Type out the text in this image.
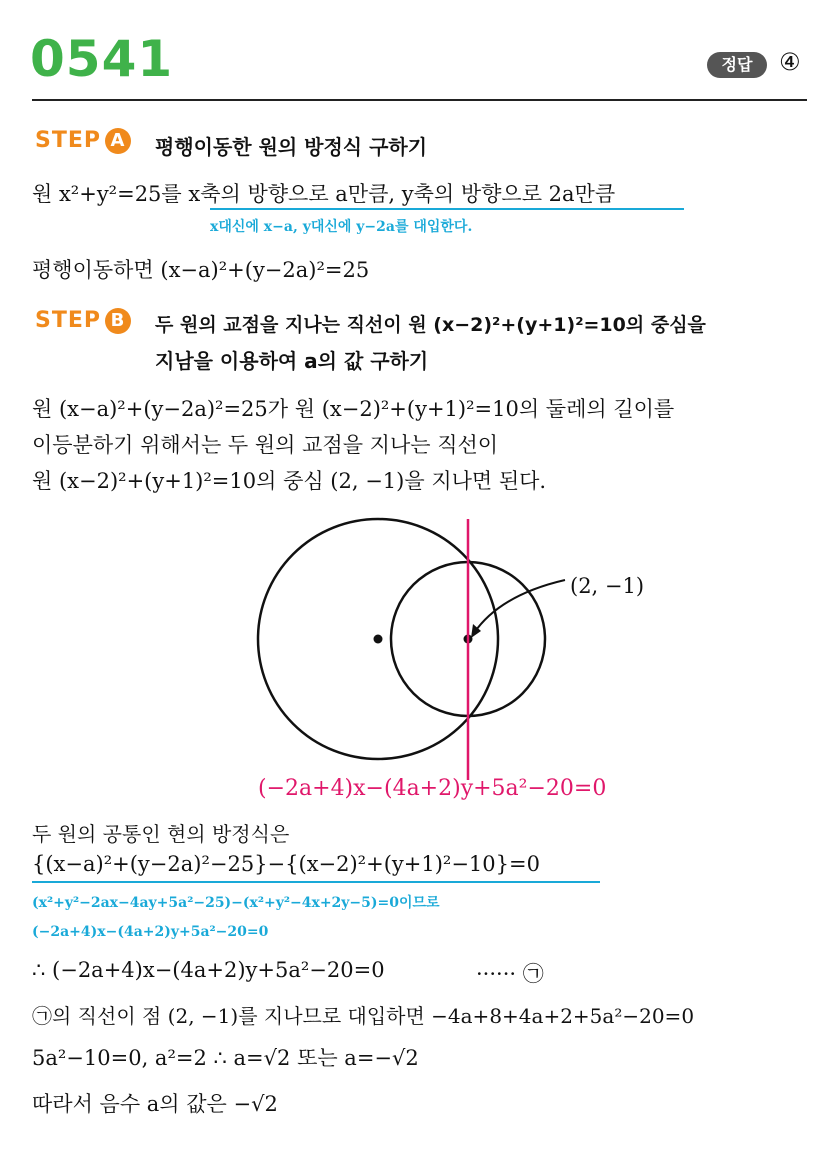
0541	정답	④
STEP A 평행이동한 원의 방정식 구하기
원 x²+y²=25를 x축의 방향으로 a만큼, y축의 방향으로 2a만큼
x대신에 x−a, y대신에 y−2a를 대입한다.
평행이동하면 (x−a)²+(y−2a)²=25
STEP B 두 원의 교점을 지나는 직선이 원 (x−2)²+(y+1)²=10의 중심을
지남을 이용하여 a의 값 구하기
원 (x−a)²+(y−2a)²=25가 원 (x−2)²+(y+1)²=10의 둘레의 길이를
이등분하기 위해서는 두 원의 교점을 지나는 직선이
원 (x−2)²+(y+1)²=10의 중심 (2, −1)을 지나면 된다.
(2, −1)
(−2a+4)x−(4a+2)y+5a²−20=0
두 원의 공통인 현의 방정식은
{(x−a)²+(y−2a)²−25}−{(x−2)²+(y+1)²−10}=0
(x²+y²−2ax−4ay+5a²−25)−(x²+y²−4x+2y−5)=0이므로
(−2a+4)x−(4a+2)y+5a²−20=0
∴ (−2a+4)x−(4a+2)y+5a²−20=0	······ ㉠
㉠의 직선이 점 (2, −1)를 지나므로 대입하면 −4a+8+4a+2+5a²−20=0
5a²−10=0, a²=2 ∴ a=√2 또는 a=−√2
따라서 음수 a의 값은 −√2
